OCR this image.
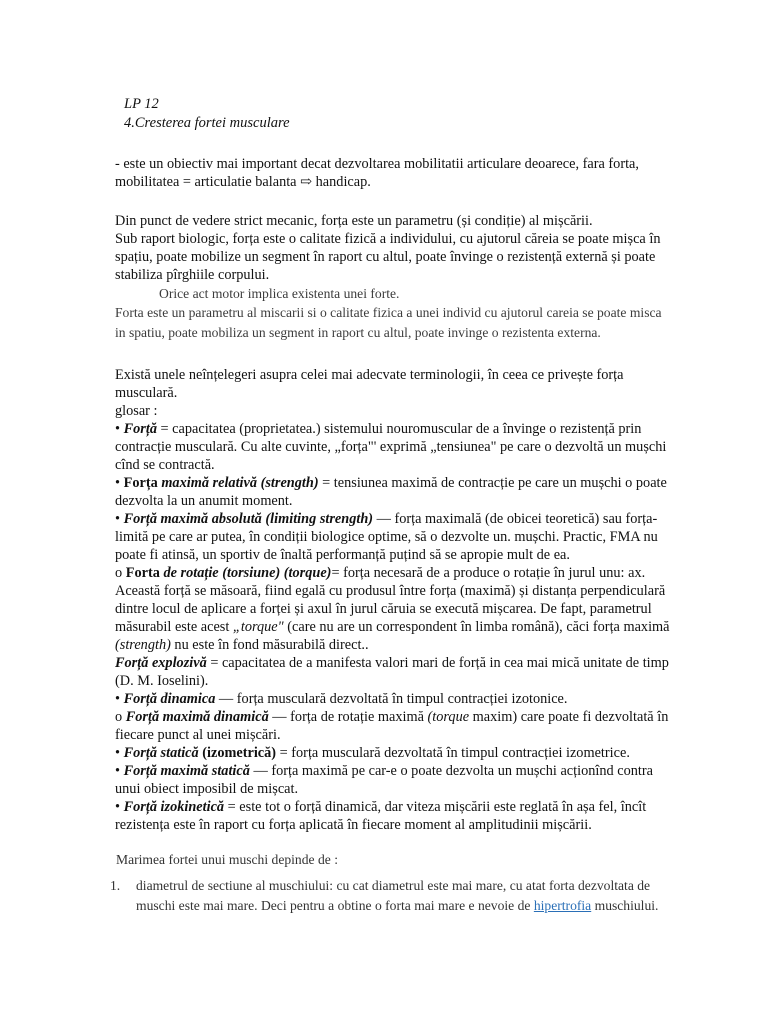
LP 12
4.Cresterea fortei musculare

- este un obiectiv mai important decat dezvoltarea mobilitatii articulare deoarece, fara forta, mobilitatea = articulatie balanta ⇨ handicap.

Din punct de vedere strict mecanic, forța este un parametru (și condiție) al mișcării.

Sub raport biologic, forța este o calitate fizică a individului, cu ajutorul căreia se poate mișca în spațiu, poate mobilize un segment în raport cu altul, poate învinge o rezistență externă și poate stabiliza pîrghiile corpului.

Orice act motor implica existenta unei forte.

Forta este un parametru al miscarii si o calitate fizica a unei individ cu ajutorul careia se poate misca in spatiu, poate mobiliza un segment in raport cu altul, poate invinge o rezistenta externa.

Există unele neînțelegeri asupra celei mai adecvate terminologii, în ceea ce privește forța musculară.

glosar :

• Forță = capacitatea (proprietatea.) sistemului nouromuscular de a învinge o rezistență prin contracție musculară. Cu alte cuvinte, „forța"' exprimă „tensiunea" pe care o dezvoltă un mușchi cînd se contractă.

• Forța maximă relativă (strength) = tensiunea maximă de contracție pe care un mușchi o poate dezvolta la un anumit moment.

• Forță maximă absolută (limiting strength) — forța maximală (de obicei teoretică) sau forța-limită pe care ar putea, în condiții biologice optime, să o dezvolte un. mușchi. Practic, FMA nu poate fi atinsă, un sportiv de înaltă performanță puțind să se apropie mult de ea.

o Forta de rotație (torsiune) (torque)= forța necesară de a produce o rotație în jurul unu: ax. Această forță se măsoară, fiind egală cu produsul între forța (maximă) și distanța perpendiculară dintre locul de aplicare a forței și axul în jurul căruia se execută mișcarea. De fapt, parametrul măsurabil este acest „torque" (care nu are un correspondent în limba română), căci forța maximă (strength) nu este în fond măsurabilă direct..

Forță explozivă = capacitatea de a manifesta valori mari de forță in cea mai mică unitate de timp (D. M. Ioselini).

• Forță dinamica — forța musculară dezvoltată în timpul contracției izotonice.

o Forță maximă dinamică — forța de rotație maximă (torque maxim) care poate fi dezvoltată în fiecare punct al unei mișcări.

• Forță statică (izometrică) = forța musculară dezvoltată în timpul contracției izometrice.

• Forță maximă statică — forța maximă pe car-e o poate dezvolta un mușchi acționînd contra unui obiect imposibil de mișcat.

• Forță izokinetică = este tot o forță dinamică, dar viteza mișcării este reglată în așa fel, încît rezistența este în raport cu forța aplicată în fiecare moment al amplitudinii mișcării.

Marimea fortei unui muschi depinde de :
1. diametrul de sectiune al muschiului: cu cat diametrul este mai mare, cu atat forta dezvoltata de muschi este mai mare. Deci pentru a obtine o forta mai mare e nevoie de hipertrofia muschiului.
